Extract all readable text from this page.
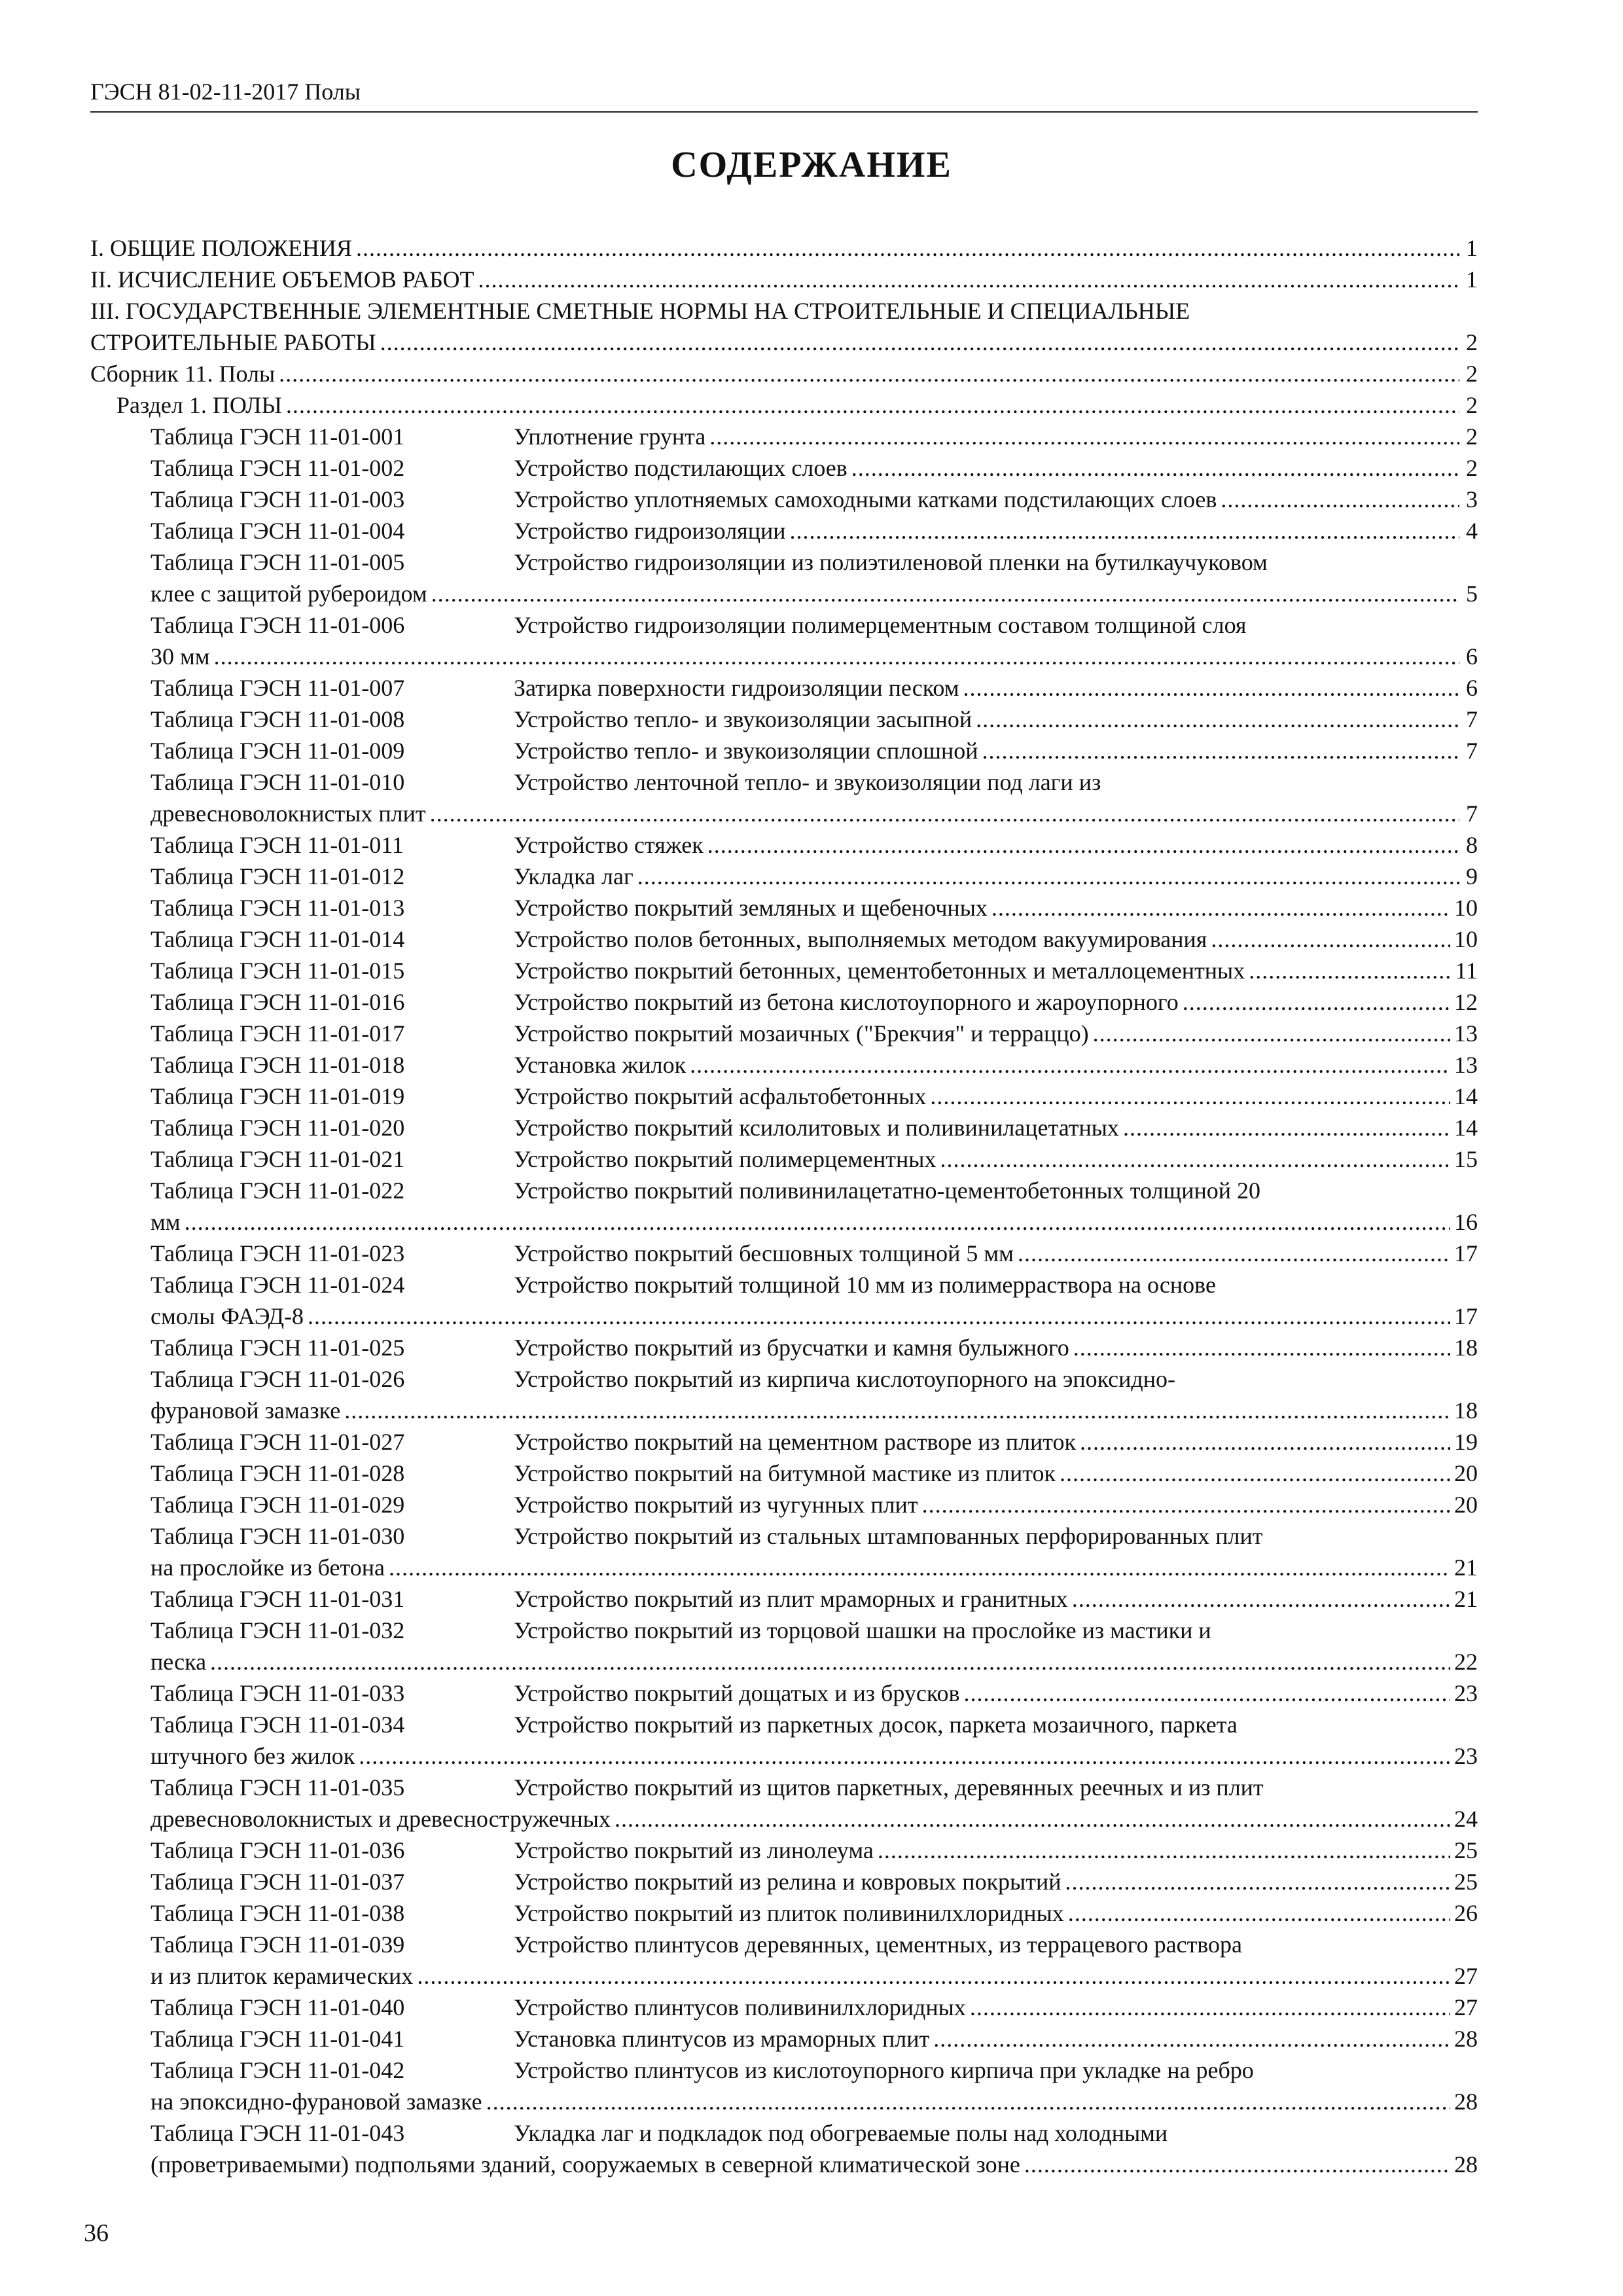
ГЭСН 81-02-11-2017 Полы
СОДЕРЖАНИЕ
I. ОБЩИЕ ПОЛОЖЕНИЯ .....	1
II. ИСЧИСЛЕНИЕ ОБЪЕМОВ РАБОТ .....	1
III. ГОСУДАРСТВЕННЫЕ ЭЛЕМЕНТНЫЕ СМЕТНЫЕ НОРМЫ НА СТРОИТЕЛЬНЫЕ И СПЕЦИАЛЬНЫЕ
СТРОИТЕЛЬНЫЕ РАБОТЫ .....	2
Сборник 11. Полы .....	2
Раздел 1. ПОЛЫ .....	2
Таблица ГЭСН 11-01-001	Уплотнение грунта .....	2
Таблица ГЭСН 11-01-002	Устройство подстилающих слоев .....	2
Таблица ГЭСН 11-01-003	Устройство уплотняемых самоходными катками подстилающих слоев .....	3
Таблица ГЭСН 11-01-004	Устройство гидроизоляции .....	4
Таблица ГЭСН 11-01-005	Устройство гидроизоляции из полиэтиленовой пленки на бутилкаучуковом
клее с защитой рубероидом .....	5
Таблица ГЭСН 11-01-006	Устройство гидроизоляции полимерцементным составом толщиной слоя
30 мм .....	6
Таблица ГЭСН 11-01-007	Затирка поверхности гидроизоляции песком .....	6
Таблица ГЭСН 11-01-008	Устройство тепло- и звукоизоляции засыпной .....	7
Таблица ГЭСН 11-01-009	Устройство тепло- и звукоизоляции сплошной .....	7
Таблица ГЭСН 11-01-010	Устройство ленточной тепло- и звукоизоляции под лаги из
древесноволокнистых плит .....	7
Таблица ГЭСН 11-01-011	Устройство стяжек .....	8
Таблица ГЭСН 11-01-012	Укладка лаг .....	9
Таблица ГЭСН 11-01-013	Устройство покрытий земляных и щебеночных .....	10
Таблица ГЭСН 11-01-014	Устройство полов бетонных, выполняемых методом вакуумирования .....	10
Таблица ГЭСН 11-01-015	Устройство покрытий бетонных, цементобетонных и металлоцементных .....	11
Таблица ГЭСН 11-01-016	Устройство покрытий из бетона кислотоупорного и жароупорного .....	12
Таблица ГЭСН 11-01-017	Устройство покрытий мозаичных ("Брекчия" и терраццо) .....	13
Таблица ГЭСН 11-01-018	Установка жилок .....	13
Таблица ГЭСН 11-01-019	Устройство покрытий асфальтобетонных .....	14
Таблица ГЭСН 11-01-020	Устройство покрытий ксилолитовых и поливинилацетатных .....	14
Таблица ГЭСН 11-01-021	Устройство покрытий полимерцементных .....	15
Таблица ГЭСН 11-01-022	Устройство покрытий поливинилацетатно-цементобетонных толщиной 20
мм .....	16
Таблица ГЭСН 11-01-023	Устройство покрытий бесшовных толщиной 5 мм .....	17
Таблица ГЭСН 11-01-024	Устройство покрытий толщиной 10 мм из полимерраствора на основе
смолы ФАЭД-8 .....	17
Таблица ГЭСН 11-01-025	Устройство покрытий из брусчатки и камня булыжного .....	18
Таблица ГЭСН 11-01-026	Устройство покрытий из кирпича кислотоупорного на эпоксидно-
фурановой замазке .....	18
Таблица ГЭСН 11-01-027	Устройство покрытий на цементном растворе из плиток .....	19
Таблица ГЭСН 11-01-028	Устройство покрытий на битумной мастике из плиток .....	20
Таблица ГЭСН 11-01-029	Устройство покрытий из чугунных плит .....	20
Таблица ГЭСН 11-01-030	Устройство покрытий из стальных штампованных перфорированных плит
на прослойке из бетона .....	21
Таблица ГЭСН 11-01-031	Устройство покрытий из плит мраморных и гранитных .....	21
Таблица ГЭСН 11-01-032	Устройство покрытий из торцовой шашки на прослойке из мастики и
песка .....	22
Таблица ГЭСН 11-01-033	Устройство покрытий дощатых и из брусков .....	23
Таблица ГЭСН 11-01-034	Устройство покрытий из паркетных досок, паркета мозаичного, паркета
штучного без жилок .....	23
Таблица ГЭСН 11-01-035	Устройство покрытий из щитов паркетных, деревянных реечных и из плит
древесноволокнистых и древесностружечных .....	24
Таблица ГЭСН 11-01-036	Устройство покрытий из линолеума .....	25
Таблица ГЭСН 11-01-037	Устройство покрытий из релина и ковровых покрытий .....	25
Таблица ГЭСН 11-01-038	Устройство покрытий из плиток поливинилхлоридных .....	26
Таблица ГЭСН 11-01-039	Устройство плинтусов деревянных, цементных, из террацевого раствора
и из плиток керамических .....	27
Таблица ГЭСН 11-01-040	Устройство плинтусов поливинилхлоридных .....	27
Таблица ГЭСН 11-01-041	Установка плинтусов из мраморных плит .....	28
Таблица ГЭСН 11-01-042	Устройство плинтусов из кислотоупорного кирпича при укладке на ребро
на эпоксидно-фурановой замазке .....	28
Таблица ГЭСН 11-01-043	Укладка лаг и подкладок под обогреваемые полы над холодными
(проветриваемыми) подпольями зданий, сооружаемых в северной климатической зоне .....	28
36
